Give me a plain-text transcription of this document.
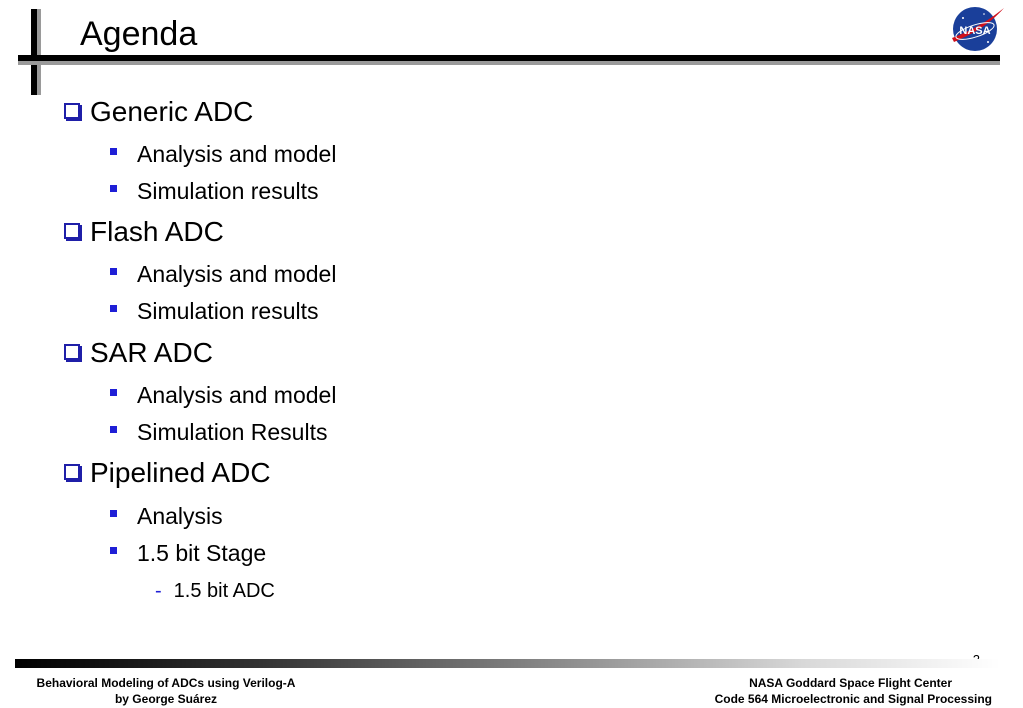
Agenda	NASA
Generic ADC
Analysis and model
Simulation results
Flash ADC
Analysis and model
Simulation results
SAR ADC
Analysis and model
Simulation Results
Pipelined ADC
Analysis
1.5 bit Stage
- 1.5 bit ADC
Behavioral Modeling of ADCs using Verilog-A
by George Suárez
NASA Goddard Space Flight Center
Code 564 Microelectronic and Signal Processing
